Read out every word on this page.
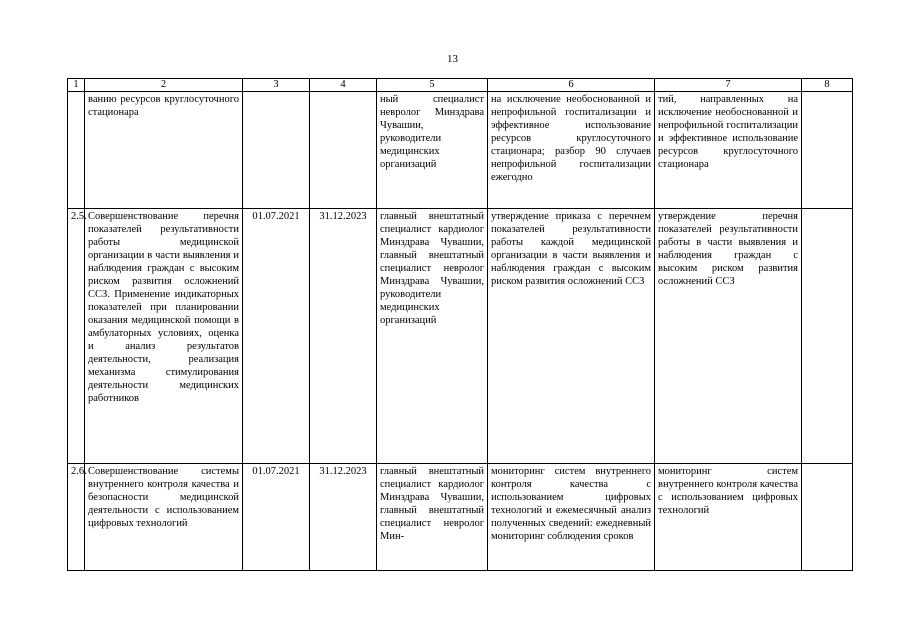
13
1	2	3	4	5	6	7	8
	ванию ресурсов круглосуточного стационара			ный специалист невролог Минздрава Чувашии, руководители медицинских организаций	на исключение необоснованной и непрофильной госпитализации и эффективное использование ресурсов круглосуточного стационара; разбор 90 случаев непрофильной госпитализации ежегодно	тий, направленных на исключение необоснованной и непрофильной госпитализации и эффективное использование ресурсов круглосуточного стационара	
2.5.	Совершенствование перечня показателей результативности работы медицинской организации в части выявления и наблюдения граждан с высоким риском развития осложнений ССЗ. Применение индикаторных показателей при планировании оказания медицинской помощи в амбулаторных условиях, оценка и анализ результатов деятельности, реализация механизма стимулирования деятельности медицинских работников	01.07.2021	31.12.2023	главный внештатный специалист кардиолог Минздрава Чувашии, главный внештатный специалист невролог Минздрава Чувашии, руководители медицинских организаций	утверждение приказа с перечнем показателей результативности работы каждой медицинской организации в части выявления и наблюдения граждан с высоким риском развития осложнений ССЗ	утверждение перечня показателей результативности работы в части выявления и наблюдения граждан с высоким риском развития осложнений ССЗ	
2.6.	Совершенствование системы внутреннего контроля качества и безопасности медицинской деятельности с использованием цифровых технологий	01.07.2021	31.12.2023	главный внештатный специалист кардиолог Минздрава Чувашии, главный внештатный специалист невролог Мин-	мониторинг систем внутреннего контроля качества с использованием цифровых технологий и ежемесячный анализ полученных сведений: ежедневный мониторинг соблюдения сроков	мониторинг систем внутреннего контроля качества с использованием цифровых технологий	
